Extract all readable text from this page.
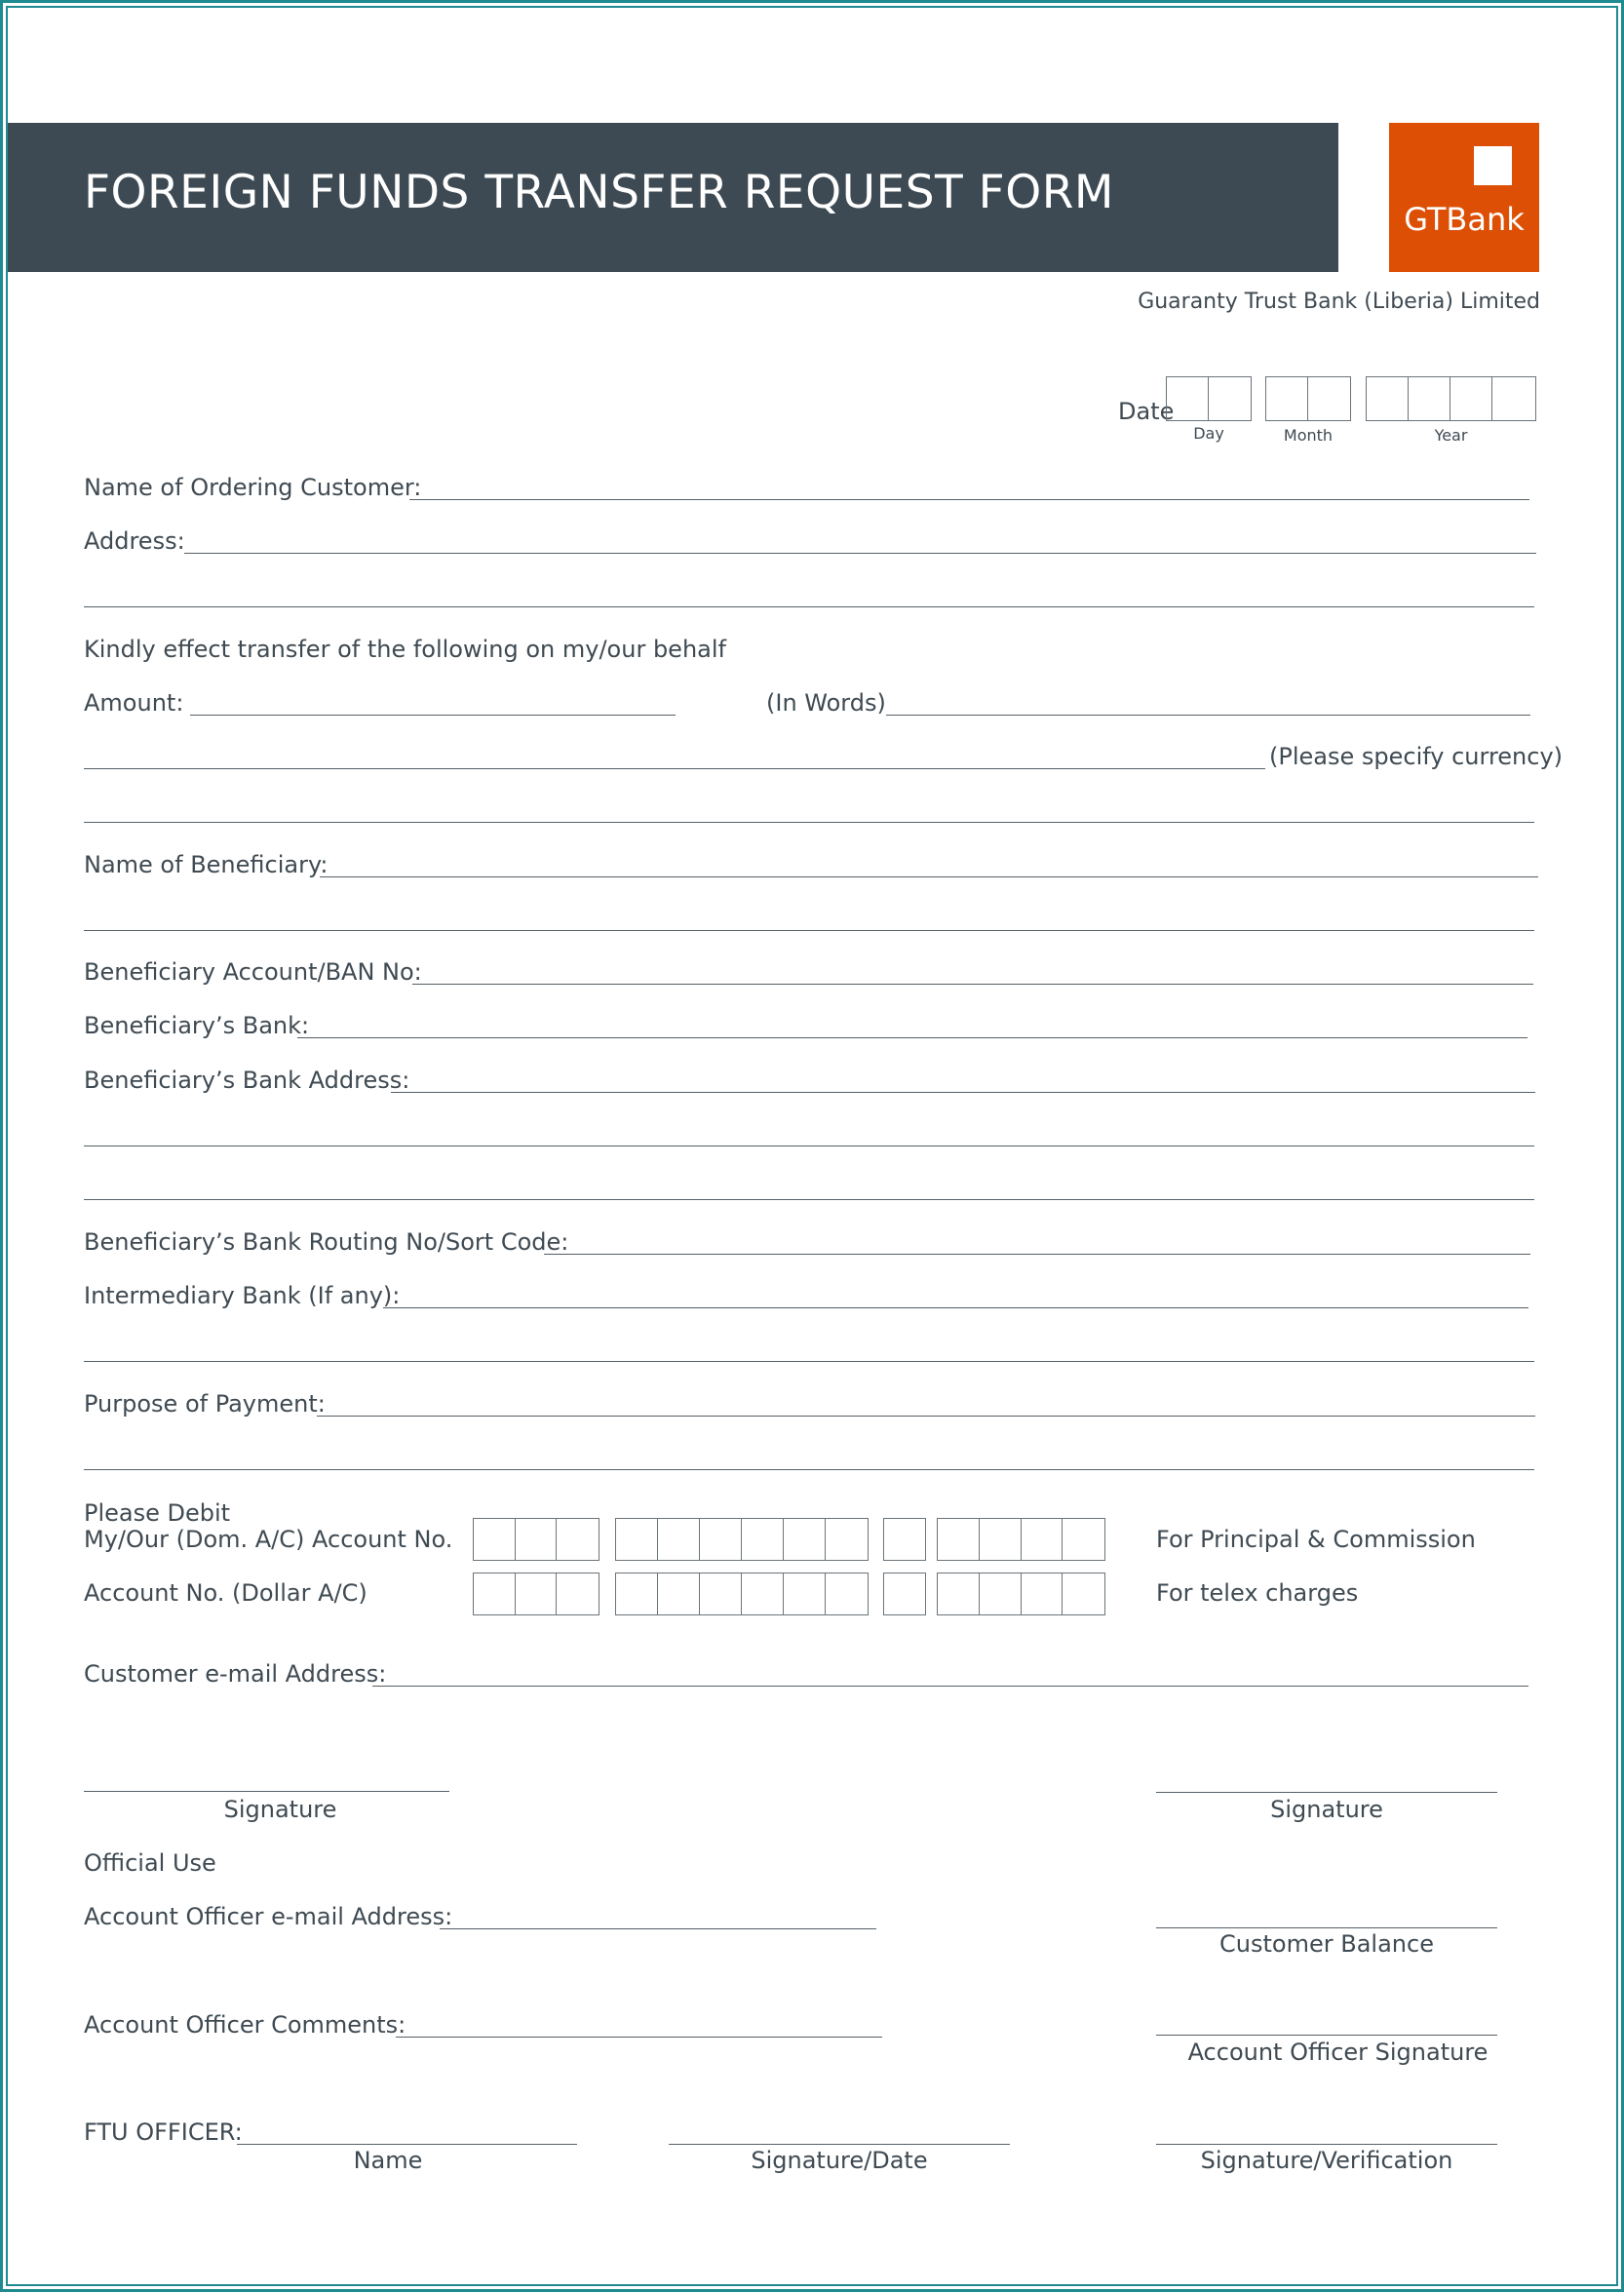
FOREIGN FUNDS TRANSFER REQUEST FORM	GTBank
Guaranty Trust Bank (Liberia) Limited
Date
Day	Month	Year
Name of Ordering Customer:
Address:
Kindly effect transfer of the following on my/our behalf
Amount:	(In Words)
(Please specify currency)
Name of Beneficiary:
Beneficiary Account/BAN No:
Beneficiary’s Bank:
Beneficiary’s Bank Address:
Beneficiary’s Bank Routing No/Sort Code:
Intermediary Bank (If any):
Purpose of Payment:
Please Debit
My/Our (Dom. A/C) Account No.	For Principal & Commission
Account No. (Dollar A/C)	For telex charges
Customer e-mail Address:
Signature	Signature
Official Use
Account Officer e-mail Address:
Customer Balance
Account Officer Comments:
Account Officer Signature
FTU OFFICER:
Name	Signature/Date	Signature/Verification
